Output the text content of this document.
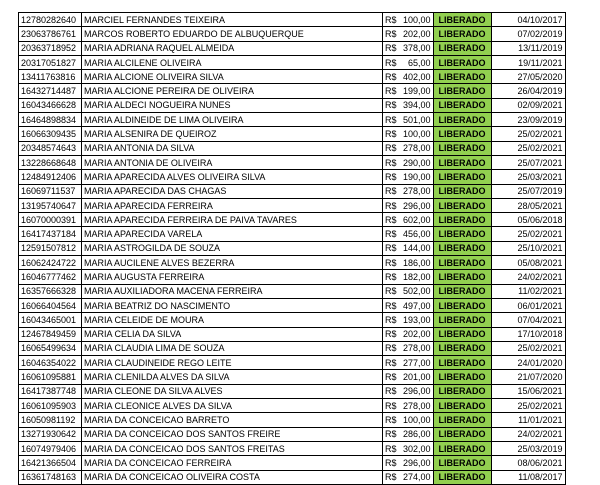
12780282640	MARCIEL FERNANDES TEIXEIRA	R$	100,00	LIBERADO	04/10/2017
23063786761	MARCOS ROBERTO EDUARDO DE ALBUQUERQUE	R$	202,00	LIBERADO	07/02/2019
20363718952	MARIA ADRIANA RAQUEL ALMEIDA	R$	378,00	LIBERADO	13/11/2019
20317051827	MARIA ALCILENE OLIVEIRA	R$	65,00	LIBERADO	19/11/2021
13411763816	MARIA ALCIONE OLIVEIRA SILVA	R$	402,00	LIBERADO	27/05/2020
16432714487	MARIA ALCIONE PEREIRA DE OLIVEIRA	R$	199,00	LIBERADO	26/04/2019
16043466628	MARIA ALDECI NOGUEIRA NUNES	R$	394,00	LIBERADO	02/09/2021
16464898834	MARIA ALDINEIDE DE LIMA OLIVEIRA	R$	501,00	LIBERADO	23/09/2019
16066309435	MARIA ALSENIRA DE QUEIROZ	R$	100,00	LIBERADO	25/02/2021
20348574643	MARIA ANTONIA DA SILVA	R$	278,00	LIBERADO	25/02/2021
13228668648	MARIA ANTONIA DE OLIVEIRA	R$	290,00	LIBERADO	25/07/2021
12484912406	MARIA APARECIDA ALVES OLIVEIRA SILVA	R$	190,00	LIBERADO	25/03/2021
16069711537	MARIA APARECIDA DAS CHAGAS	R$	278,00	LIBERADO	25/07/2019
13195740647	MARIA APARECIDA FERREIRA	R$	296,00	LIBERADO	28/05/2021
16070000391	MARIA APARECIDA FERREIRA DE PAIVA TAVARES	R$	602,00	LIBERADO	05/06/2018
16417437184	MARIA APARECIDA VARELA	R$	456,00	LIBERADO	25/02/2021
12591507812	MARIA ASTROGILDA DE SOUZA	R$	144,00	LIBERADO	25/10/2021
16062424722	MARIA AUCILENE ALVES BEZERRA	R$	186,00	LIBERADO	05/08/2021
16046777462	MARIA AUGUSTA FERREIRA	R$	182,00	LIBERADO	24/02/2021
16357666328	MARIA AUXILIADORA MACENA FERREIRA	R$	502,00	LIBERADO	11/02/2021
16066404564	MARIA BEATRIZ DO NASCIMENTO	R$	497,00	LIBERADO	06/01/2021
16043465001	MARIA CELEIDE DE MOURA	R$	193,00	LIBERADO	07/04/2021
12467849459	MARIA CELIA DA SILVA	R$	202,00	LIBERADO	17/10/2018
16065499634	MARIA CLAUDIA LIMA DE SOUZA	R$	278,00	LIBERADO	25/02/2021
16046354022	MARIA CLAUDINEIDE REGO LEITE	R$	277,00	LIBERADO	24/01/2020
16061095881	MARIA CLENILDA ALVES DA SILVA	R$	201,00	LIBERADO	21/07/2020
16417387748	MARIA CLEONE DA SILVA ALVES	R$	296,00	LIBERADO	15/06/2021
16061095903	MARIA CLEONICE ALVES DA SILVA	R$	278,00	LIBERADO	25/02/2021
16050981192	MARIA DA CONCEICAO BARRETO	R$	100,00	LIBERADO	11/01/2021
13271930642	MARIA DA CONCEICAO DOS SANTOS FREIRE	R$	286,00	LIBERADO	24/02/2021
16074979406	MARIA DA CONCEICAO DOS SANTOS FREITAS	R$	302,00	LIBERADO	25/03/2019
16421366504	MARIA DA CONCEICAO FERREIRA	R$	296,00	LIBERADO	08/06/2021
16361748163	MARIA DA CONCEICAO OLIVEIRA COSTA	R$	274,00	LIBERADO	11/08/2017
